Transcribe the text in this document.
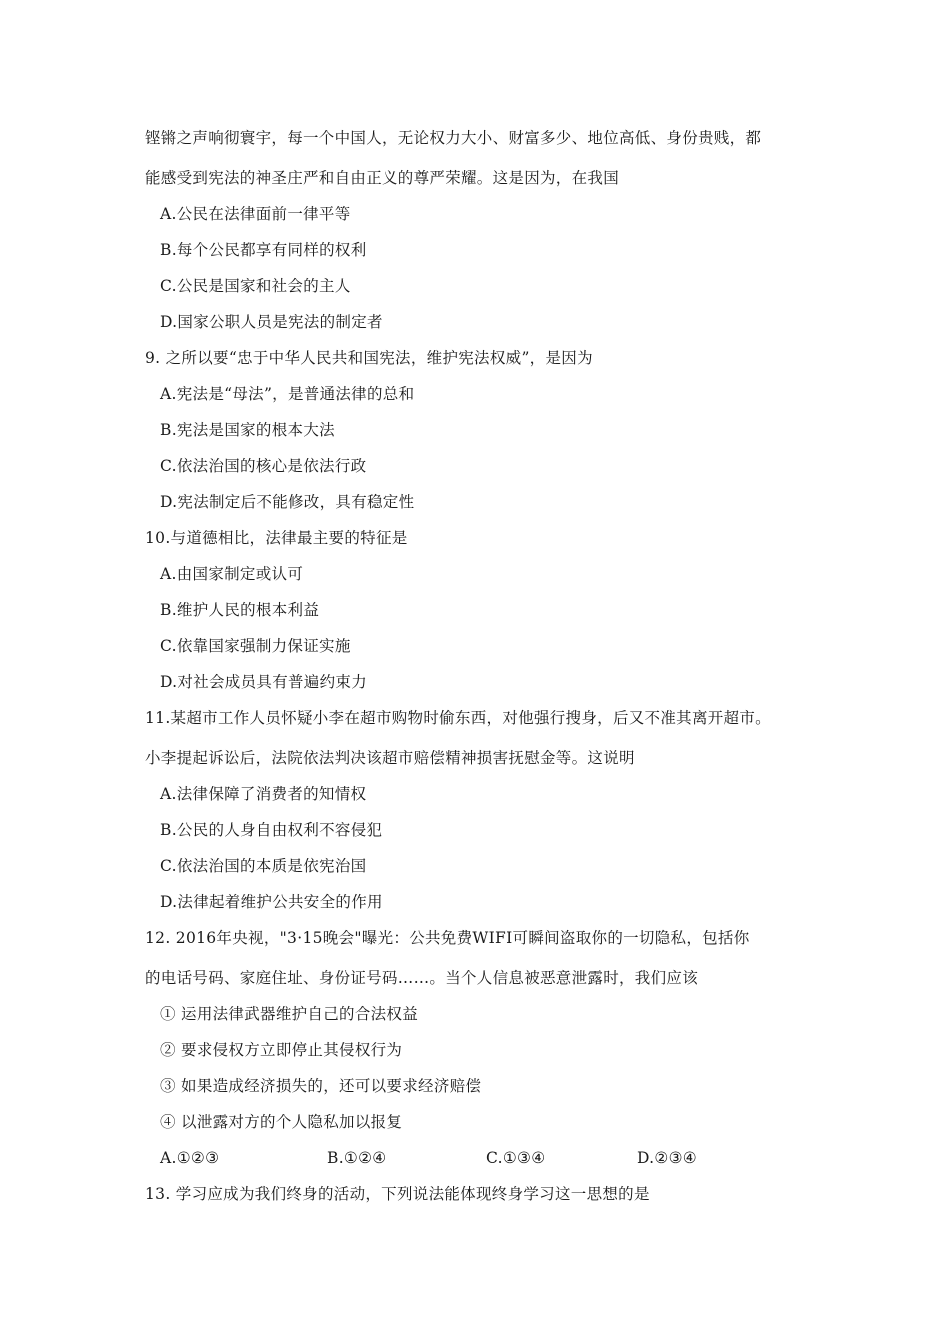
铿锵之声响彻寰宇，每一个中国人，无论权力大小、财富多少、地位高低、身份贵贱，都
能感受到宪法的神圣庄严和自由正义的尊严荣耀。这是因为，在我国
A.公民在法律面前一律平等
B.每个公民都享有同样的权利
C.公民是国家和社会的主人
D.国家公职人员是宪法的制定者
9. 之所以要“忠于中华人民共和国宪法，维护宪法权威”，是因为
A.宪法是“母法”，是普通法律的总和
B.宪法是国家的根本大法
C.依法治国的核心是依法行政
D.宪法制定后不能修改，具有稳定性
10.与道德相比，法律最主要的特征是
A.由国家制定或认可
B.维护人民的根本利益
C.依靠国家强制力保证实施
D.对社会成员具有普遍约束力
11.某超市工作人员怀疑小李在超市购物时偷东西，对他强行搜身，后又不准其离开超市。
小李提起诉讼后，法院依法判决该超市赔偿精神损害抚慰金等。这说明
A.法律保障了消费者的知情权
B.公民的人身自由权利不容侵犯
C.依法治国的本质是依宪治国
D.法律起着维护公共安全的作用
12. 2016年央视，"3·15晚会"曝光：公共免费WIFI可瞬间盗取你的一切隐私，包括你
的电话号码、家庭住址、身份证号码……。当个人信息被恶意泄露时，我们应该
① 运用法律武器维护自己的合法权益
② 要求侵权方立即停止其侵权行为
③ 如果造成经济损失的，还可以要求经济赔偿
④ 以泄露对方的个人隐私加以报复
A.①②③	B.①②④	C.①③④	D.②③④
13. 学习应成为我们终身的活动，下列说法能体现终身学习这一思想的是
